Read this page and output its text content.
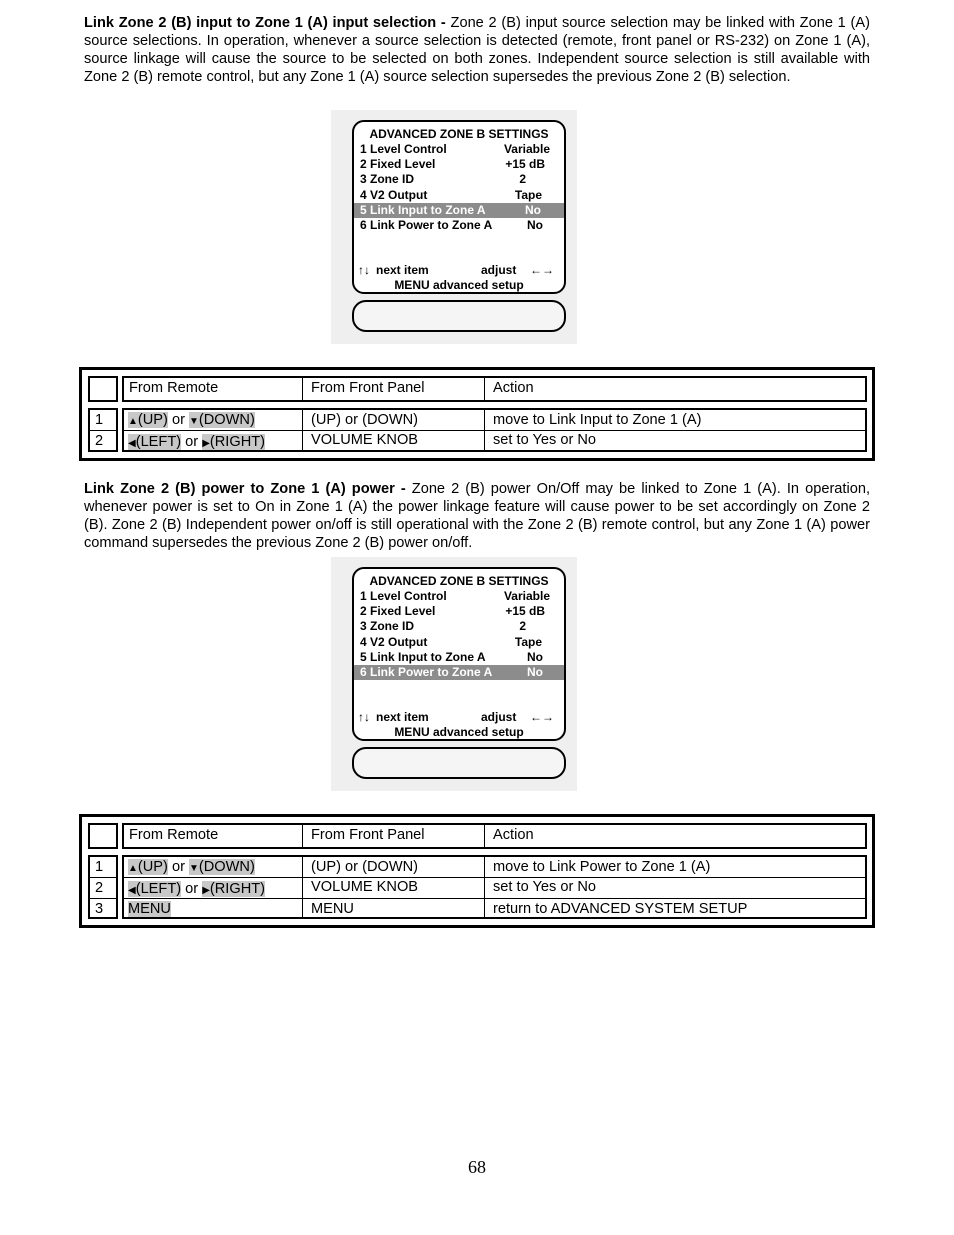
Link Zone 2 (B) input to Zone 1 (A) input selection - Zone 2 (B) input source selection may be linked with Zone 1 (A) source selections. In operation, whenever a source selection is detected (remote, front panel or RS-232) on Zone 1 (A), source linkage will cause the source to be selected on both zones. Independent source selection is still available with Zone 2 (B) remote control, but any Zone 1 (A) source selection supersedes the previous Zone 2 (B) selection.

ADVANCED ZONE B SETTINGS
1 Level Control	Variable
2 Fixed Level	+15 dB
3 Zone ID	2
4 V2 Output	Tape
5 Link Input to Zone A	No
6 Link Power to Zone A	No
↑↓ next item	adjust ←→
MENU advanced setup
From Remote	From Front Panel	Action
1	▲(UP) or ▼(DOWN)	(UP) or (DOWN)	move to Link Input to Zone 1 (A)
2	◀(LEFT) or ▶(RIGHT)	VOLUME KNOB	set to Yes or No

Link Zone 2 (B) power to Zone 1 (A) power - Zone 2 (B) power On/Off may be linked to Zone 1 (A). In operation, whenever power is set to On in Zone 1 (A) the power linkage feature will cause power to be set accordingly on Zone 2 (B). Zone 2 (B) Independent power on/off is still operational with the Zone 2 (B) remote control, but any Zone 1 (A) power command supersedes the previous Zone 2 (B) power on/off.

ADVANCED ZONE B SETTINGS
1 Level Control	Variable
2 Fixed Level	+15 dB
3 Zone ID	2
4 V2 Output	Tape
5 Link Input to Zone A	No
6 Link Power to Zone A	No
↑↓ next item	adjust ←→
MENU advanced setup
From Remote	From Front Panel	Action
1	▲(UP) or ▼(DOWN)	(UP) or (DOWN)	move to Link Power to Zone 1 (A)
2	◀(LEFT) or ▶(RIGHT)	VOLUME KNOB	set to Yes or No
3 MENU	MENU	return to ADVANCED SYSTEM SETUP
68
